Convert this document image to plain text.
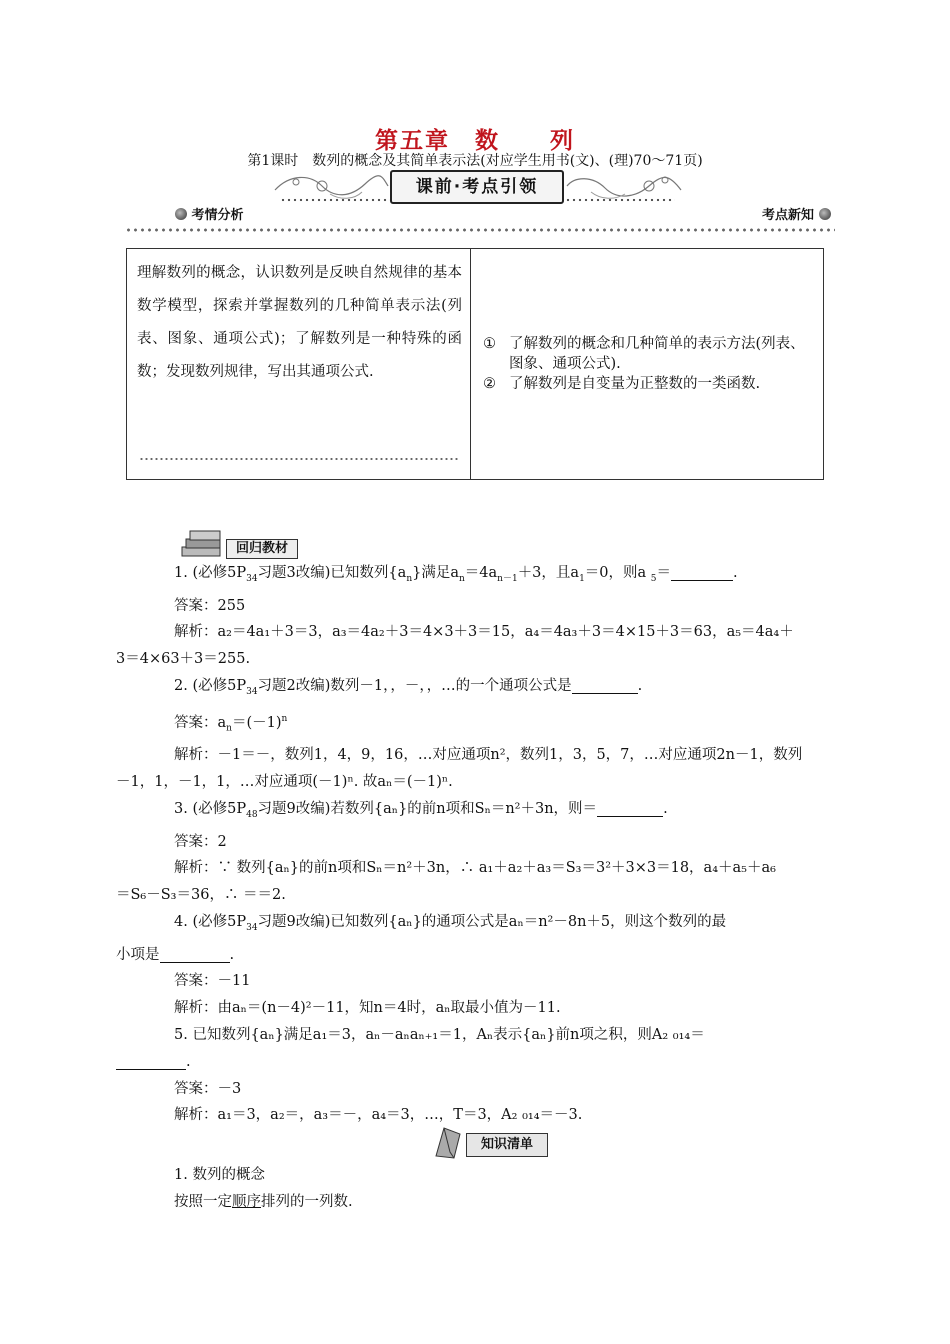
第五章　数　　列
第1课时　数列的概念及其简单表示法(对应学生用书(文)、(理)70～71页)
课前·考点引领
考情分析	考点新知
理解数列的概念，认识数列是反映自然规律的基本数学模型，探索并掌握数列的几种简单表示法(列表、图象、通项公式)；了解数列是一种特殊的函数；发现数列规律，写出其通项公式.

① 了解数列的概念和几种简单的表示方法(列表、图象、通项公式).
② 了解数列是自变量为正整数的一类函数.
回归教材

1. (必修$5P_{34}$习题3改编)已知数列$\{a_n\}$满足$a_n=4a_{n-1}+3$，且$a_1=0$，则a $_5$＝	.

答案：255

解析：a₂＝4a₁＋3＝3，a₃＝4a₂＋3＝4×3＋3＝15，a₄＝4a₃＋3＝4×15＋3＝63，a₅＝4a₄＋

3＝4×63＋3＝255.

2. (必修$5P_{34}$习题2改编)数列－1，，－，，…的一个通项公式是	.

答案：$a_n=(-1)^n$

解析：－1＝－，数列1，4，9，16，…对应通项n²，数列1，3，5，7，…对应通项2n－1，数列

－1，1，－1，1，…对应通项(－1)ⁿ. 故aₙ＝(－1)ⁿ.

3. (必修$5P_{48}$习题9改编)若数列{aₙ}的前n项和Sₙ＝n²＋3n，则＝	.

答案：2

解析：∵ 数列{aₙ}的前n项和Sₙ＝n²＋3n，∴ a₁＋a₂＋a₃＝S₃＝3²＋3×3＝18，a₄＋a₅＋a₆

＝S₆－S₃＝36，∴ ＝＝2.

4. (必修$5P_{34}$习题9改编)已知数列{aₙ}的通项公式是aₙ＝n²－8n＋5，则这个数列的最

小项是	.

答案：－11

解析：由aₙ＝(n－4)²－11，知n＝4时，aₙ取最小值为－11.

5. 已知数列{aₙ}满足a₁＝3，aₙ－aₙaₙ₊₁＝1，Aₙ表示{aₙ}前n项之积，则A₂ ₀₁₄＝

.

答案：－3

解析：a₁＝3，a₂＝，a₃＝－，a₄＝3，…，T＝3，A₂ ₀₁₄＝－3.

知识清单

1. 数列的概念

按照一定顺序排列的一列数.
